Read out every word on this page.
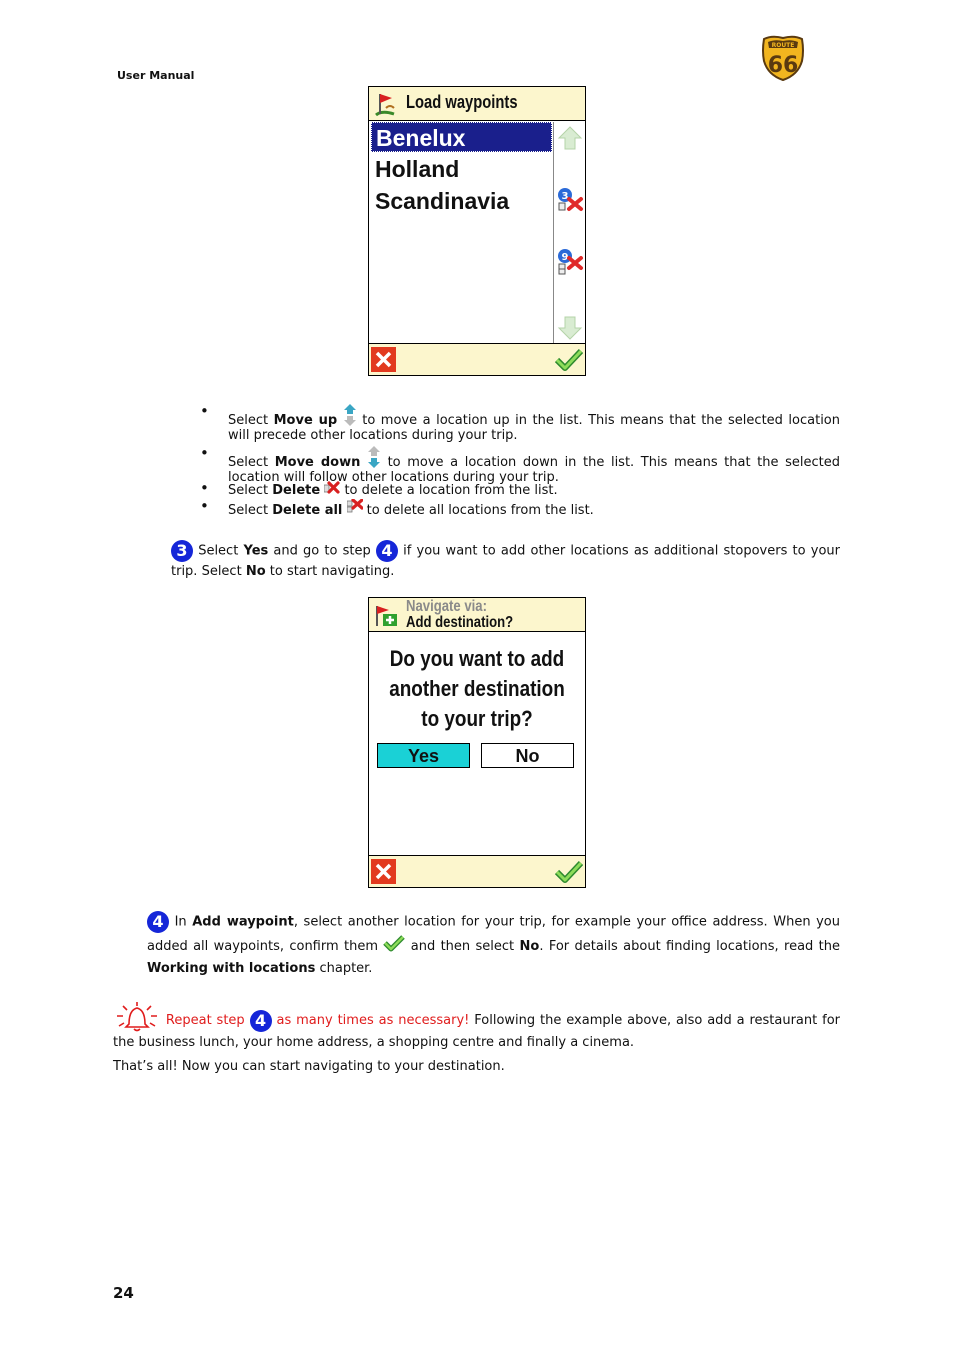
User Manual
ROUTE
66
Load waypoints
Benelux
Holland
Scandinavia	3
9
• Select Move up  to move a location up in the list. This means that the selected location will precede other locations during your trip.
• Select Move down  to move a location down in the list. This means that the selected location will follow other locations during your trip.
• Select Delete  to delete a location from the list.
• Select Delete all  to delete all locations from the list.
3 Select Yes and go to step 4 if you want to add other locations as additional stopovers to your trip. Select No to start navigating.
Navigate via:
Add destination?
Do you want to add
another destination
to your trip?
Yes	No
4 In Add waypoint, select another location for your trip, for example your office address. When you added all waypoints, confirm them  and then select No. For details about finding locations, read the Working with locations chapter.
Repeat step 4 as many times as necessary! Following the example above, also add a restaurant for the business lunch, your home address, a shopping centre and finally a cinema.
That’s all! Now you can start navigating to your destination.
24
